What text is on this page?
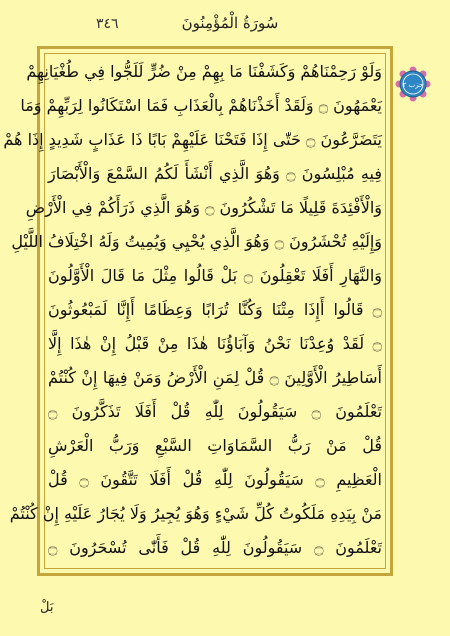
٣٤٦	سُورَةُ الْمُؤْمِنُونَ
وَلَوْ رَحِمْنَاهُمْ وَكَشَفْنَا مَا بِهِمْ مِنْ ضُرٍّ لَلَجُّوا فِي طُغْيَانِهِمْ
يَعْمَهُونَ ۝ وَلَقَدْ أَخَذْنَاهُمْ بِالْعَذَابِ فَمَا اسْتَكَانُوا لِرَبِّهِمْ وَمَا
يَتَضَرَّعُونَ ۝ حَتّٰى إِذَا فَتَحْنَا عَلَيْهِمْ بَابًا ذَا عَذَابٍ شَدِيدٍ إِذَا هُمْ
فِيهِ مُبْلِسُونَ ۝ وَهُوَ الَّذِي أَنْشَأَ لَكُمُ السَّمْعَ وَالْأَبْصَارَ
وَالْأَفْئِدَةَ قَلِيلًا مَا تَشْكُرُونَ ۝ وَهُوَ الَّذِي ذَرَأَكُمْ فِي الْأَرْضِ
وَإِلَيْهِ تُحْشَرُونَ ۝ وَهُوَ الَّذِي يُحْيِي وَيُمِيتُ وَلَهُ اخْتِلَافُ اللَّيْلِ
وَالنَّهَارِ أَفَلَا تَعْقِلُونَ ۝ بَلْ قَالُوا مِثْلَ مَا قَالَ الْأَوَّلُونَ
۝ قَالُوا أَإِذَا مِتْنَا وَكُنَّا تُرَابًا وَعِظَامًا أَإِنَّا لَمَبْعُوثُونَ
۝ لَقَدْ وُعِدْنَا نَحْنُ وَآبَاؤُنَا هٰذَا مِنْ قَبْلُ إِنْ هٰذَا إِلَّا
أَسَاطِيرُ الْأَوَّلِينَ ۝ قُلْ لِمَنِ الْأَرْضُ وَمَنْ فِيهَا إِنْ كُنْتُمْ
تَعْلَمُونَ ۝ سَيَقُولُونَ لِلّٰهِ قُلْ أَفَلَا تَذَكَّرُونَ ۝
قُلْ مَنْ رَبُّ السَّمَاوَاتِ السَّبْعِ وَرَبُّ الْعَرْشِ
الْعَظِيمِ ۝ سَيَقُولُونَ لِلّٰهِ قُلْ أَفَلَا تَتَّقُونَ ۝ قُلْ
مَنْ بِيَدِهِ مَلَكُوتُ كُلِّ شَيْءٍ وَهُوَ يُجِيرُ وَلَا يُجَارُ عَلَيْهِ إِنْ كُنْتُمْ
تَعْلَمُونَ ۝ سَيَقُولُونَ لِلّٰهِ قُلْ فَأَنّٰى تُسْحَرُونَ ۝
حزب ٢
بَلْ
